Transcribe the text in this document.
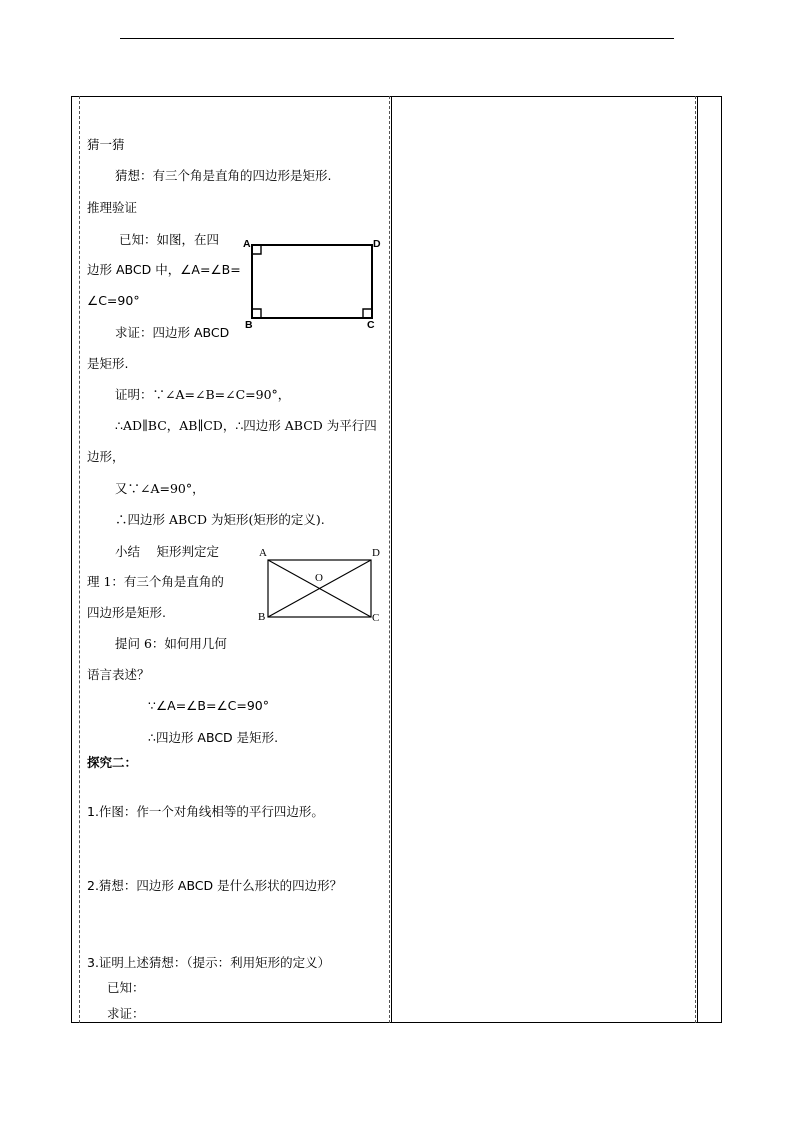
猜一猜
猜想：有三个角是直角的四边形是矩形.
推理验证
已知：如图，在四
边形 ABCD 中，∠A=∠B=
∠C=90°
求证：四边形 ABCD
是矩形.
A	D
B	C
证明：∵∠A=∠B=∠C=90°，
∴AD∥BC，AB∥CD，∴四边形 ABCD 为平行四
边形，
又∵∠A=90°，
∴四边形 ABCD 为矩形(矩形的定义).
小结　 矩形判定定
理 1：有三个角是直角的
四边形是矩形.
提问 6：如何用几何
语言表述？
A	D
O
B	C
∵∠A=∠B=∠C=90°
∴四边形 ABCD 是矩形.
探究二：
1.作图：作一个对角线相等的平行四边形。
2.猜想：四边形 ABCD 是什么形状的四边形？
3.证明上述猜想：（提示：利用矩形的定义）
已知：
求证：
